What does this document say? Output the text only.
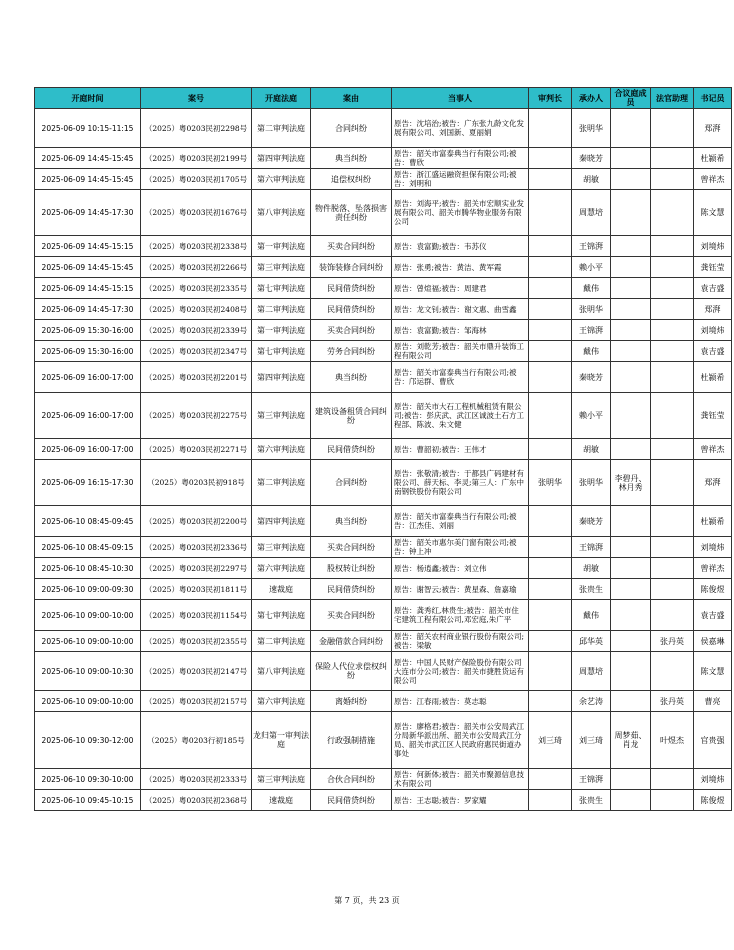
开庭时间	案号	开庭法庭	案由	当事人	审判长	承办人	合议庭成员	法官助理	书记员
2025-06-09 10:15-11:15	（2025）粤0203民初2298号	第二审判法庭	合同纠纷	原告：沈培治;被告：广东张九龄文化发展有限公司、刘国新、夏丽娟		张明华			郑湃
2025-06-09 14:45-15:45	（2025）粤0203民初2199号	第四审判法庭	典当纠纷	原告：韶关市富泰典当行有限公司;被告：曹欣		秦晓芳			杜颍希
2025-06-09 14:45-15:45	（2025）粤0203民初1705号	第六审判法庭	追偿权纠纷	原告：浙江盛运融资担保有限公司;被告：刘明和		胡敏			曾祥杰
2025-06-09 14:45-17:30	（2025）粤0203民初1676号	第八审判法庭	物件脱落、坠落损害责任纠纷	原告：刘海平;被告：韶关市宏顺实业发展有限公司、韶关市腾华物业服务有限公司		周慧培			陈文慧
2025-06-09 14:45-15:15	（2025）粤0203民初2338号	第一审判法庭	买卖合同纠纷	原告：袁富勤;被告：韦苏仪		王锦湃			刘境炜
2025-06-09 14:45-15:45	（2025）粤0203民初2266号	第三审判法庭	装饰装修合同纠纷	原告：张勇;被告：黄洁、黄军霞		赖小平			龚钰莹
2025-06-09 14:45-15:15	（2025）粤0203民初2335号	第七审判法庭	民间借贷纠纷	原告：曾煊福;被告：周建君		戴伟			袁吉盛
2025-06-09 14:45-17:30	（2025）粤0203民初2408号	第二审判法庭	民间借贷纠纷	原告：龙文钊;被告：谢文惠、曲雪鑫		张明华			郑湃
2025-06-09 15:30-16:00	（2025）粤0203民初2339号	第一审判法庭	买卖合同纠纷	原告：袁富勤;被告：邹海林		王锦湃			刘境炜
2025-06-09 15:30-16:00	（2025）粤0203民初2347号	第七审判法庭	劳务合同纠纷	原告：刘乾芳;被告：韶关市鼎升装饰工程有限公司		戴伟			袁吉盛
2025-06-09 16:00-17:00	（2025）粤0203民初2201号	第四审判法庭	典当纠纷	原告：韶关市富泰典当行有限公司;被告：邝运群、曹欣		秦晓芳			杜颍希
2025-06-09 16:00-17:00	（2025）粤0203民初2275号	第三审判法庭	建筑设备租赁合同纠纷	原告：韶关市大石工程机械租赁有限公司;被告：彭庆武、武江区诚波土石方工程部、陈波、朱文健		赖小平			龚钰莹
2025-06-09 16:00-17:00	（2025）粤0203民初2271号	第六审判法庭	民间借贷纠纷	原告：曹韶初;被告：王伟才		胡敏			曾祥杰
2025-06-09 16:15-17:30	（2025）粤0203民初918号	第二审判法庭	合同纠纷	原告：张敬清;被告：于都县广码建材有限公司、薛天标、李灵;第三人：广东中南钢铁股份有限公司	张明华	张明华	李碧丹、林月秀		郑湃
2025-06-10 08:45-09:45	（2025）粤0203民初2200号	第四审判法庭	典当纠纷	原告：韶关市富泰典当行有限公司;被告：江杰佳、刘丽		秦晓芳			杜颍希
2025-06-10 08:45-09:15	（2025）粤0203民初2336号	第三审判法庭	买卖合同纠纷	原告：韶关市惠尔美门窗有限公司;被告：钟上冲		王锦湃			刘境炜
2025-06-10 08:45-10:30	（2025）粤0203民初2297号	第六审判法庭	股权转让纠纷	原告：杨逍鑫;被告：刘立伟		胡敏			曾祥杰
2025-06-10 09:00-09:30	（2025）粤0203民初1811号	速裁庭	民间借贷纠纷	原告：谢智云;被告：黄星森、詹嘉瑜		张贵生			陈俊煜
2025-06-10 09:00-10:00	（2025）粤0203民初1154号	第七审判法庭	买卖合同纠纷	原告：龚秀红,林贵生;被告：韶关市住宅建筑工程有限公司,邓宏庭,朱广平		戴伟			袁吉盛
2025-06-10 09:00-10:00	（2025）粤0203民初2355号	第二审判法庭	金融借款合同纠纷	原告：韶关农村商业银行股份有限公司;被告：梁敏		邱华英		张丹英	侯嘉琳
2025-06-10 09:00-10:30	（2025）粤0203民初2147号	第八审判法庭	保险人代位求偿权纠纷	原告：中国人民财产保险股份有限公司大连市分公司;被告：韶关市捷胜货运有限公司		周慧培			陈文慧
2025-06-10 09:00-10:00	（2025）粤0203民初2157号	第六审判法庭	离婚纠纷	原告：江春雨;被告：莫志聪		余艺涛		张丹英	曹亮
2025-06-10 09:30-12:00	（2025）粤0203行初185号	龙归第一审判法庭	行政强制措施	原告：廖格君;被告：韶关市公安局武江分局新华派出所、韶关市公安局武江分局、韶关市武江区人民政府惠民街道办事处	刘三琦	刘三琦	周梦茹、肖龙	叶煜杰	官贵强
2025-06-10 09:30-10:00	（2025）粤0203民初2333号	第三审判法庭	合伙合同纠纷	原告：何新体;被告：韶关市聚源信息技术有限公司		王锦湃			刘境炜
2025-06-10 09:45-10:15	（2025）粤0203民初2368号	速裁庭	民间借贷纠纷	原告：王志聪;被告：罗家耀		张贵生			陈俊煜
第 7 页，共 23 页
